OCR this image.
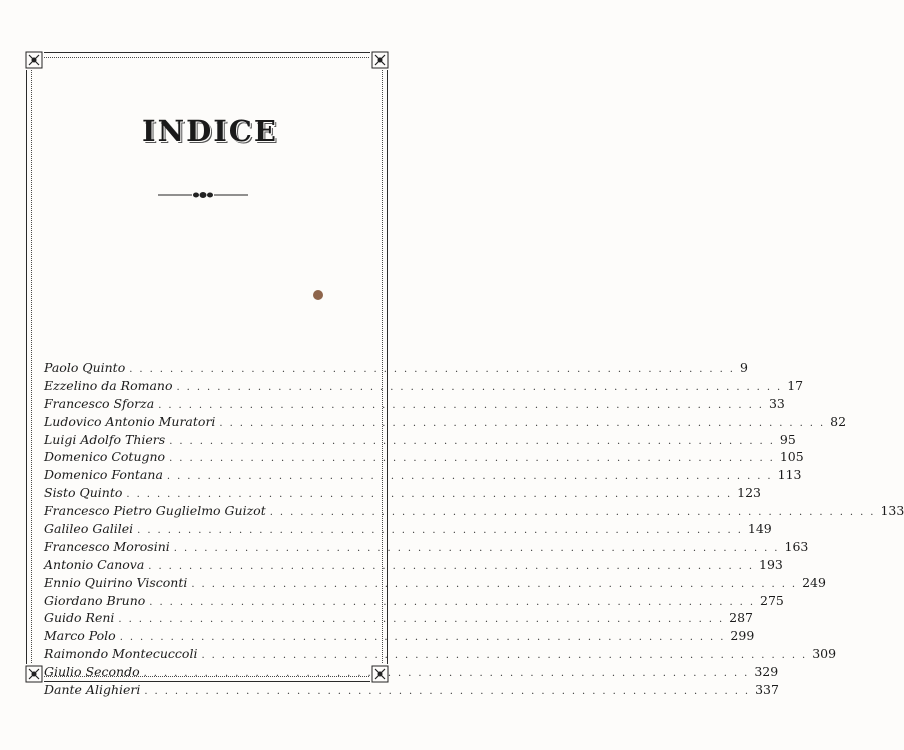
INDICE
Paolo Quinto ............................................................ 9
Ezzelino da Romano ............................................................ 17
Francesco Sforza ............................................................ 33
Ludovico Antonio Muratori ............................................................ 82
Luigi Adolfo Thiers ............................................................ 95
Domenico Cotugno ............................................................ 105
Domenico Fontana ............................................................ 113
Sisto Quinto ............................................................ 123
Francesco Pietro Guglielmo Guizot ............................................................ 133
Galileo Galilei ............................................................ 149
Francesco Morosini ............................................................ 163
Antonio Canova ............................................................ 193
Ennio Quirino Visconti ............................................................ 249
Giordano Bruno ............................................................ 275
Guido Reni ............................................................ 287
Marco Polo ............................................................ 299
Raimondo Montecuccoli ............................................................ 309
Giulio Secondo ............................................................ 329
Dante Alighieri ............................................................ 337
